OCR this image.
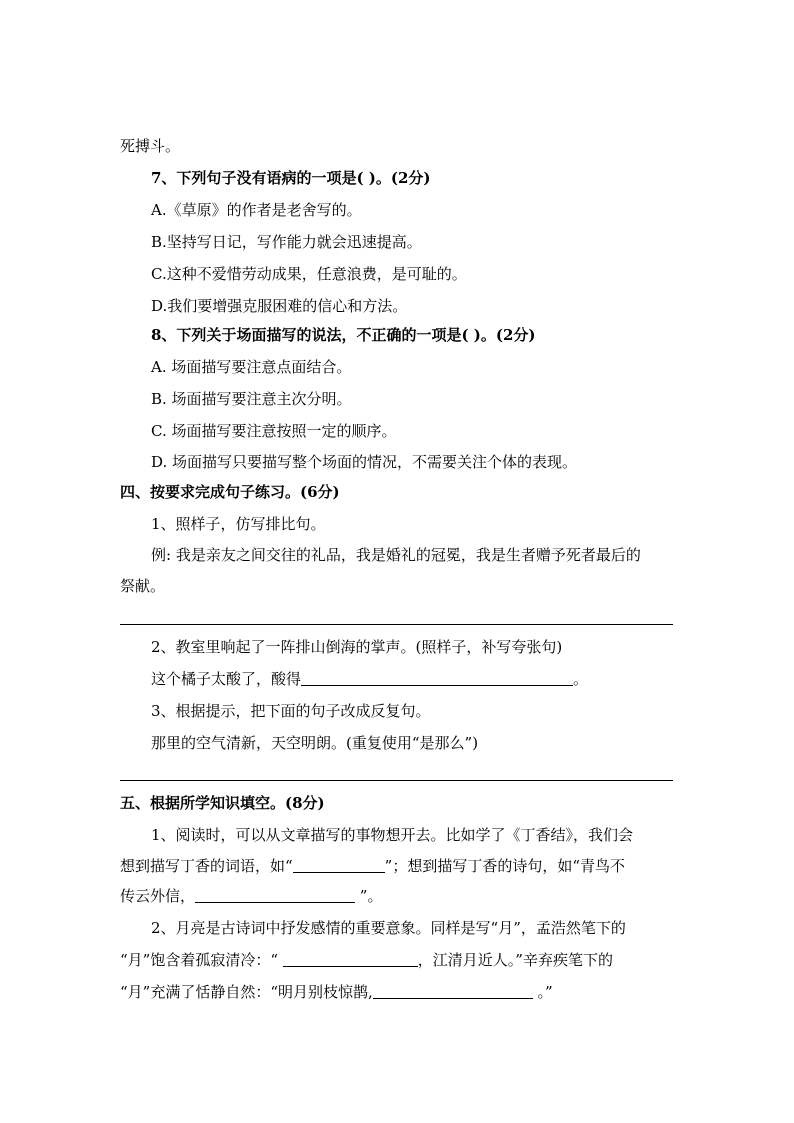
死搏斗。
7、下列句子没有语病的一项是( )。(2分)
A.《草原》的作者是老舍写的。
B.坚持写日记，写作能力就会迅速提高。
C.这种不爱惜劳动成果，任意浪费，是可耻的。
D.我们要增强克服困难的信心和方法。
8、下列关于场面描写的说法，不正确的一项是( )。(2分)
A. 场面描写要注意点面结合。
B. 场面描写要注意主次分明。
C. 场面描写要注意按照一定的顺序。
D. 场面描写只要描写整个场面的情况，不需要关注个体的表现。
四、按要求完成句子练习。(6分)
1、照样子，仿写排比句。
例: 我是亲友之间交往的礼品，我是婚礼的冠冕，我是生者赠予死者最后的
祭献。
2、教室里响起了一阵排山倒海的掌声。(照样子，补写夸张句)
这个橘子太酸了，酸得	。
3、根据提示，把下面的句子改成反复句。
那里的空气清新，天空明朗。(重复使用“是那么”)
五、根据所学知识填空。(8分)
1、阅读时，可以从文章描写的事物想开去。比如学了《丁香结》，我们会
想到描写丁香的词语，如“	”；想到描写丁香的诗句，如“青鸟不
传云外信，	”。
2、月亮是古诗词中抒发感情的重要意象。同样是写“月”，孟浩然笔下的
“月”饱含着孤寂清冷：“	，江清月近人。”辛弃疾笔下的
“月”充满了恬静自然：“明月别枝惊鹊,	。”
